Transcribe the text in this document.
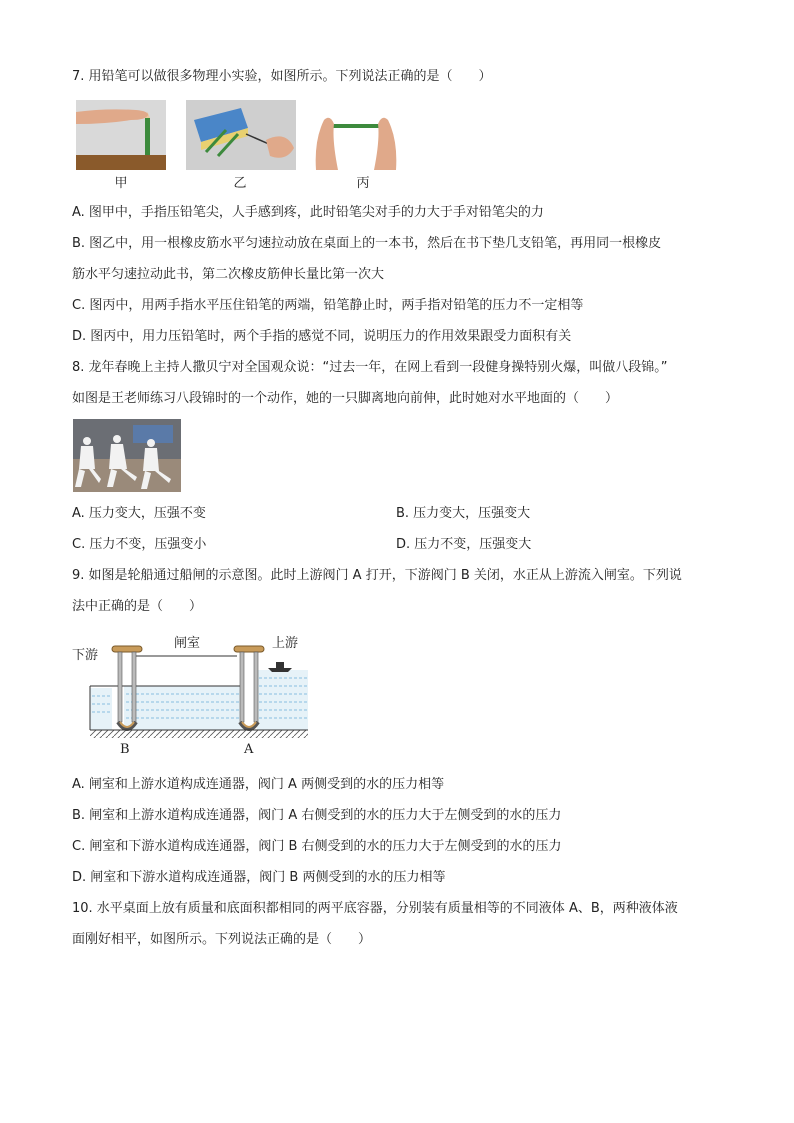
7. 用铅笔可以做很多物理小实验，如图所示。下列说法正确的是（　　）
甲	乙	丙
A. 图甲中，手指压铅笔尖，人手感到疼，此时铅笔尖对手的力大于手对铅笔尖的力
B. 图乙中，用一根橡皮筋水平匀速拉动放在桌面上的一本书，然后在书下垫几支铅笔，再用同一根橡皮
筋水平匀速拉动此书，第二次橡皮筋伸长量比第一次大
C. 图丙中，用两手指水平压住铅笔的两端，铅笔静止时，两手指对铅笔的压力不一定相等
D. 图丙中，用力压铅笔时，两个手指的感觉不同，说明压力的作用效果跟受力面积有关
8. 龙年春晚上主持人撒贝宁对全国观众说：“过去一年，在网上看到一段健身操特别火爆，叫做八段锦。”
如图是王老师练习八段锦时的一个动作，她的一只脚离地向前伸，此时她对水平地面的（　　）
A. 压力变大，压强不变	B. 压力变大，压强变大
C. 压力不变，压强变小	D. 压力不变，压强变大
9. 如图是轮船通过船闸的示意图。此时上游阀门 A 打开，下游阀门 B 关闭，水正从上游流入闸室。下列说
法中正确的是（　　）
下游
闸室	上游
B	A
A. 闸室和上游水道构成连通器，阀门 A 两侧受到的水的压力相等
B. 闸室和上游水道构成连通器，阀门 A 右侧受到的水的压力大于左侧受到的水的压力
C. 闸室和下游水道构成连通器，阀门 B 右侧受到的水的压力大于左侧受到的水的压力
D. 闸室和下游水道构成连通器，阀门 B 两侧受到的水的压力相等
10. 水平桌面上放有质量和底面积都相同的两平底容器，分别装有质量相等的不同液体 A、B，两种液体液
面刚好相平，如图所示。下列说法正确的是（　　）
